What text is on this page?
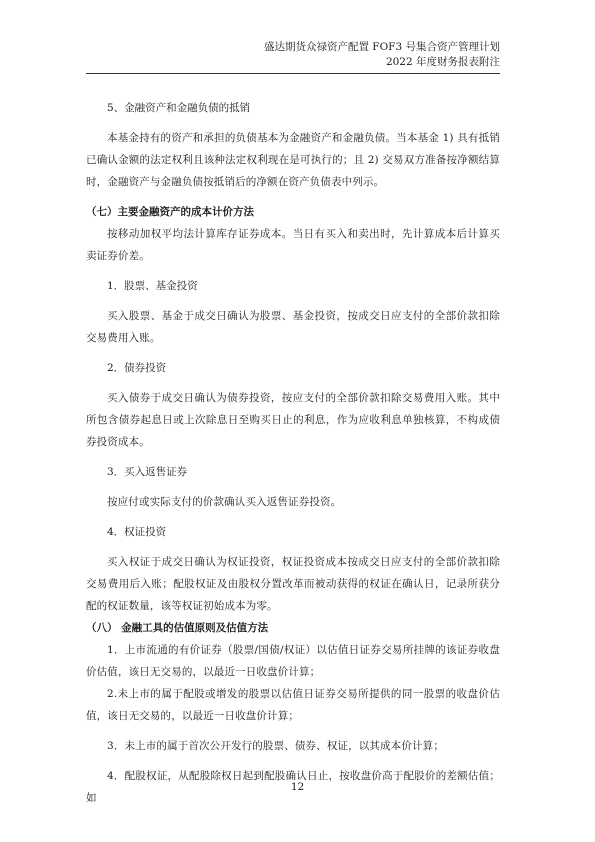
盛达期货众禄资产配置 FOF3 号集合资产管理计划
2022 年度财务报表附注

5、金融资产和金融负债的抵销

本基金持有的资产和承担的负债基本为金融资产和金融负债。当本基金 1) 具有抵销已确认金额的法定权利且该种法定权利现在是可执行的；且 2) 交易双方准备按净额结算时，金融资产与金融负债按抵销后的净额在资产负债表中列示。

（七）主要金融资产的成本计价方法

按移动加权平均法计算库存证券成本。当日有买入和卖出时，先计算成本后计算买卖证券价差。

1．股票、基金投资

买入股票、基金于成交日确认为股票、基金投资，按成交日应支付的全部价款扣除交易费用入账。

2．债券投资

买入债券于成交日确认为债券投资，按应支付的全部价款扣除交易费用入账。其中所包含债券起息日或上次除息日至购买日止的利息，作为应收利息单独核算，不构成债券投资成本。

3．买入返售证券

按应付或实际支付的价款确认买入返售证券投资。

4．权证投资

买入权证于成交日确认为权证投资，权证投资成本按成交日应支付的全部价款扣除交易费用后入账；配股权证及由股权分置改革而被动获得的权证在确认日，记录所获分配的权证数量，该等权证初始成本为零。

（八） 金融工具的估值原则及估值方法

1．上市流通的有价证券（股票/国债/权证）以估值日证券交易所挂牌的该证券收盘价估值，该日无交易的，以最近一日收盘价计算；

2.未上市的属于配股或增发的股票以估值日证券交易所提供的同一股票的收盘价估值，该日无交易的，以最近一日收盘价计算；

3．未上市的属于首次公开发行的股票、债券、权证，以其成本价计算；

4．配股权证，从配股除权日起到配股确认日止，按收盘价高于配股价的差额估值；如

12
